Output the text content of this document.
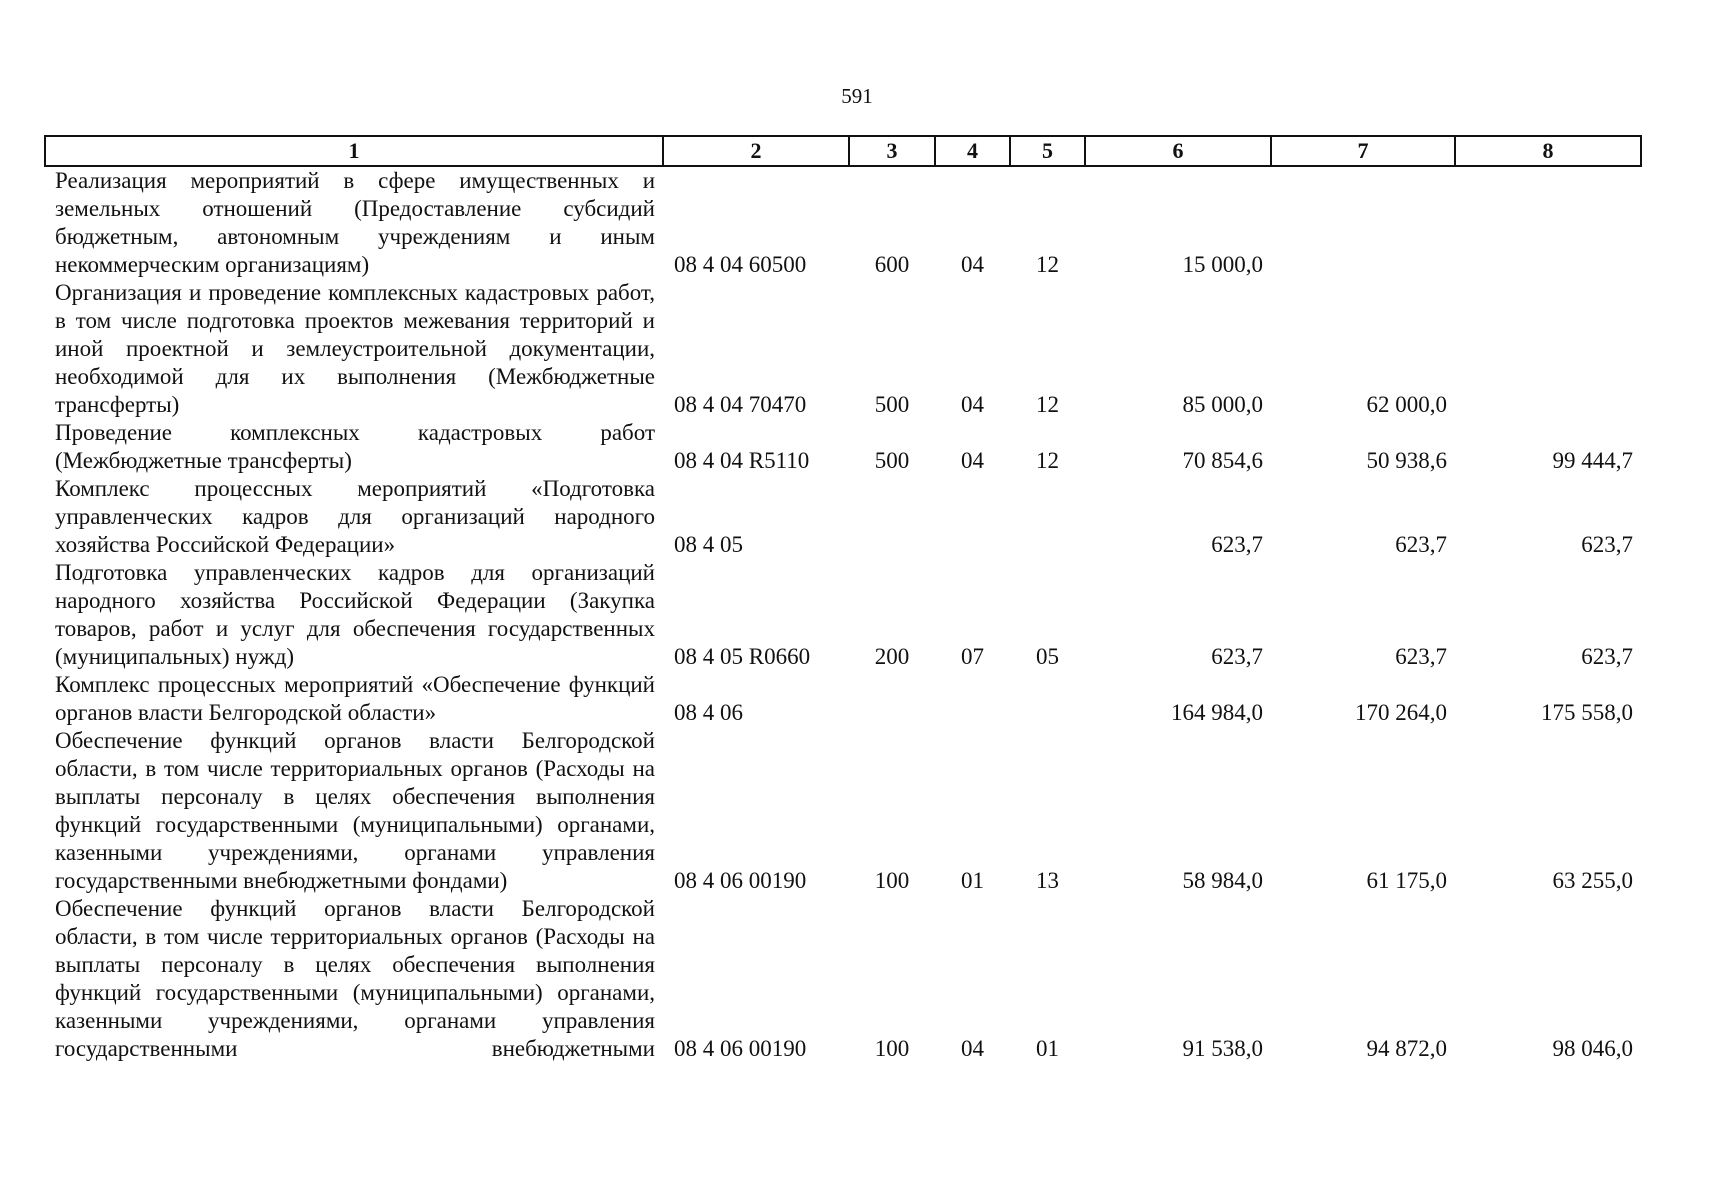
591
1	2	3	4	5	6	7	8
Реализация мероприятий в сфере имущественных и земельных отношений (Предоставление субсидий бюджетным, автономным учреждениям и иным некоммерческим организациям)	08 4 04 60500	600	04	12	15 000,0		
Организация и проведение комплексных кадастровых работ, в том числе подготовка проектов межевания территорий и иной проектной и землеустроительной документации, необходимой для их выполнения (Межбюджетные трансферты)	08 4 04 70470	500	04	12	85 000,0	62 000,0	
Проведение комплексных кадастровых работ (Межбюджетные трансферты)	08 4 04 R5110	500	04	12	70 854,6	50 938,6	99 444,7
Комплекс процессных мероприятий «Подготовка управленческих кадров для организаций народного хозяйства Российской Федерации»	08 4 05				623,7	623,7	623,7
Подготовка управленческих кадров для организаций народного хозяйства Российской Федерации (Закупка товаров, работ и услуг для обеспечения государственных (муниципальных) нужд)	08 4 05 R0660	200	07	05	623,7	623,7	623,7
Комплекс процессных мероприятий «Обеспечение функций органов власти Белгородской области»	08 4 06				164 984,0	170 264,0	175 558,0
Обеспечение функций органов власти Белгородской области, в том числе территориальных органов (Расходы на выплаты персоналу в целях обеспечения выполнения функций государственными (муниципальными) органами, казенными учреждениями, органами управления государственными внебюджетными фондами)	08 4 06 00190	100	01	13	58 984,0	61 175,0	63 255,0
Обеспечение функций органов власти Белгородской области, в том числе территориальных органов (Расходы на выплаты персоналу в целях обеспечения выполнения функций государственными (муниципальными) органами, казенными учреждениями, органами управления государственными внебюджетными	08 4 06 00190	100	04	01	91 538,0	94 872,0	98 046,0
